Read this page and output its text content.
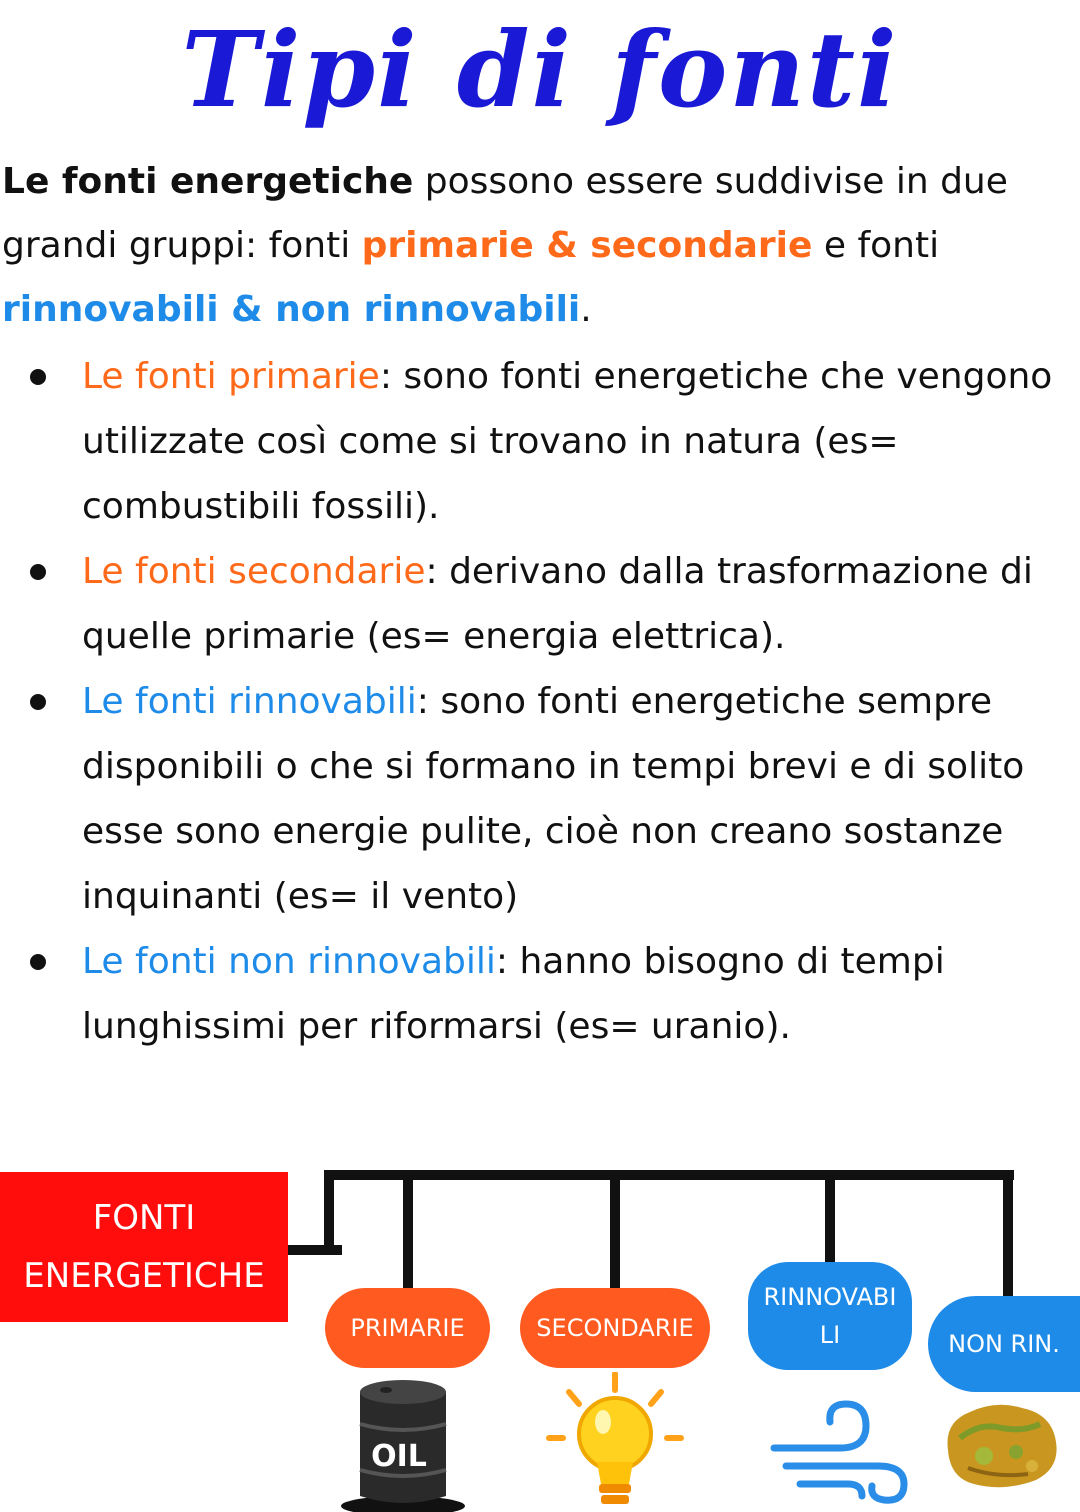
Tipi di fonti
Le fonti energetiche possono essere suddivise in due grandi gruppi: fonti primarie & secondarie e fonti rinnovabili & non rinnovabili.
Le fonti primarie: sono fonti energetiche che vengono utilizzate così come si trovano in natura (es= combustibili fossili).
Le fonti secondarie: derivano dalla trasformazione di quelle primarie (es= energia elettrica).
Le fonti rinnovabili: sono fonti energetiche sempre disponibili o che si formano in tempi brevi e di solito esse sono energie pulite, cioè non creano sostanze inquinanti (es= il vento)
Le fonti non rinnovabili: hanno bisogno di tempi lunghissimi per riformarsi (es= uranio).
FONTI
ENERGETICHE
PRIMARIE	SECONDARIE
RINNOVABI
LI	NON RIN.
OIL
